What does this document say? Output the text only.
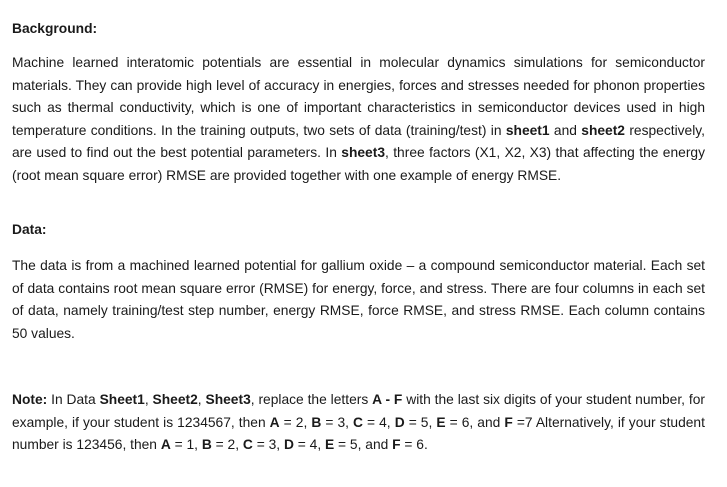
Background:
Machine learned interatomic potentials are essential in molecular dynamics simulations for semiconductor materials. They can provide high level of accuracy in energies, forces and stresses needed for phonon properties such as thermal conductivity, which is one of important characteristics in semiconductor devices used in high temperature conditions. In the training outputs, two sets of data (training/test) in sheet1 and sheet2 respectively, are used to find out the best potential parameters. In sheet3, three factors (X1, X2, X3) that affecting the energy (root mean square error) RMSE are provided together with one example of energy RMSE.
Data:
The data is from a machined learned potential for gallium oxide – a compound semiconductor material. Each set of data contains root mean square error (RMSE) for energy, force, and stress. There are four columns in each set of data, namely training/test step number, energy RMSE, force RMSE, and stress RMSE. Each column contains 50 values.
Note: In Data Sheet1, Sheet2, Sheet3, replace the letters A - F with the last six digits of your student number, for example, if your student is 1234567, then A = 2, B = 3, C = 4, D = 5, E = 6, and F =7 Alternatively, if your student number is 123456, then A = 1, B = 2, C = 3, D = 4, E = 5, and F = 6.
